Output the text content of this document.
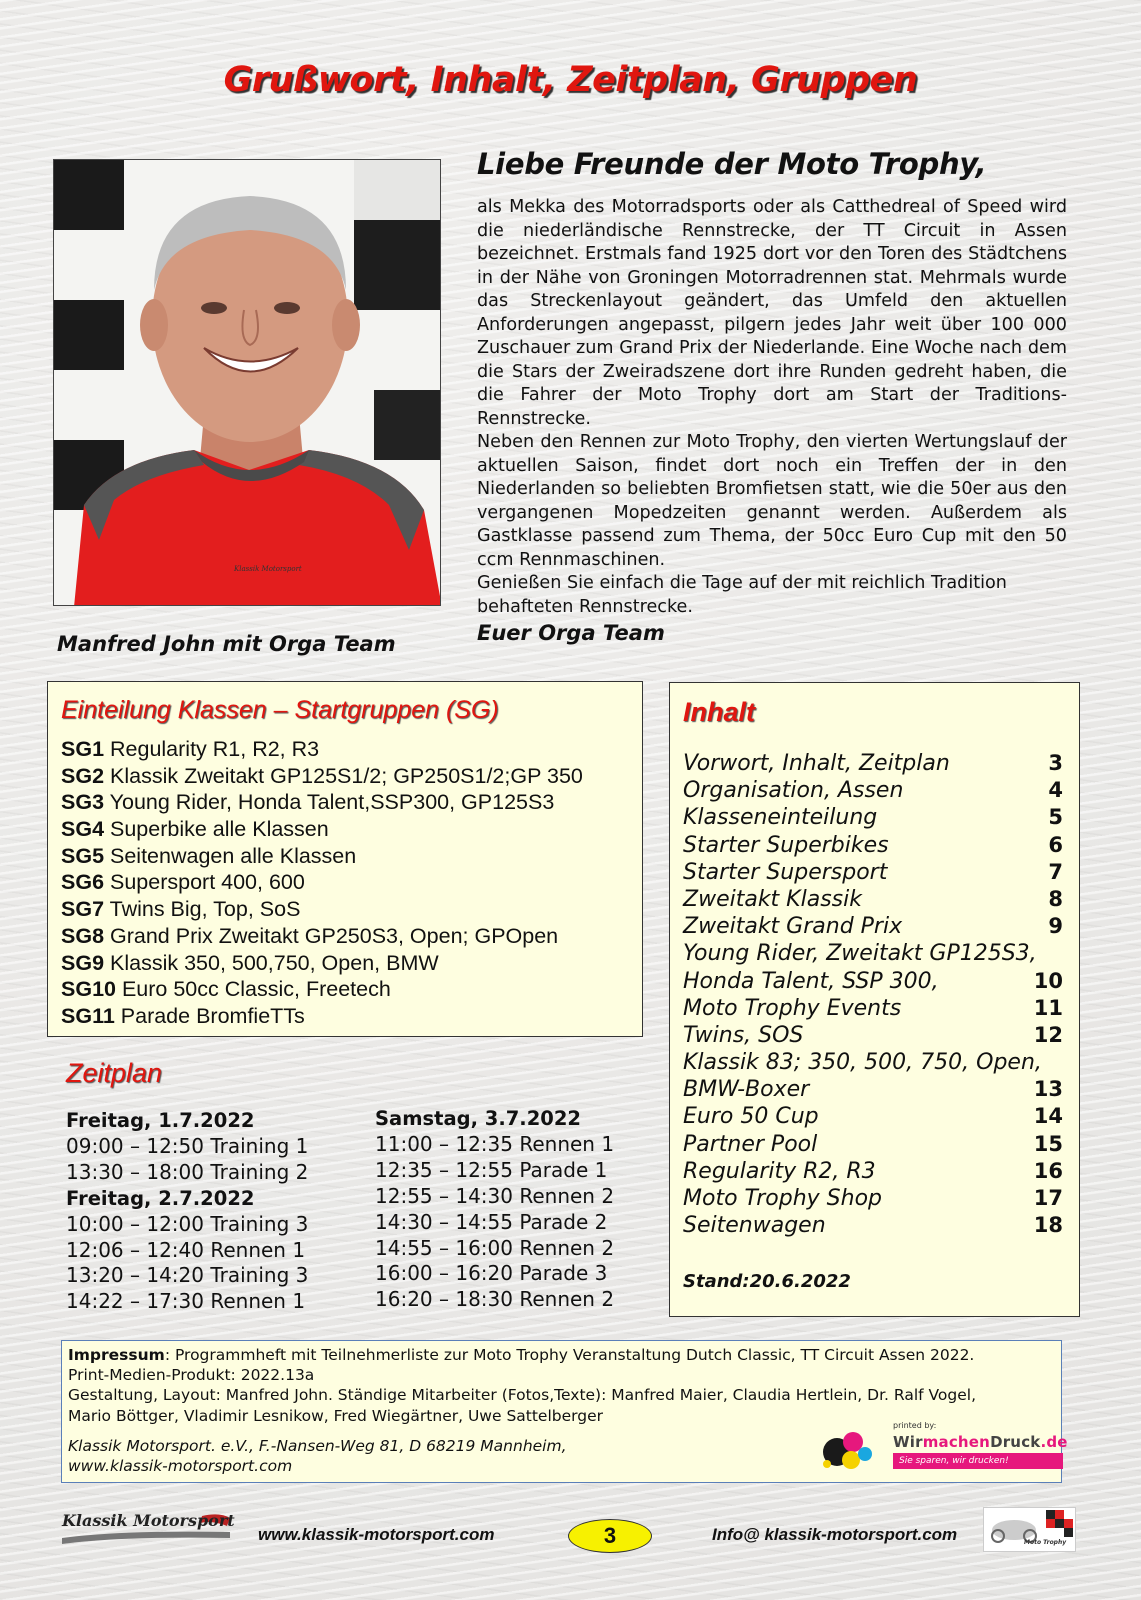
Grußwort, Inhalt, Zeitplan, Gruppen
Klassik Motorsport
Manfred John mit Orga Team
Liebe Freunde der Moto Trophy,

als Mekka des Motorradsports oder als Catthedreal of Speed wird die niederländische Rennstrecke, der TT Circuit in Assen bezeichnet. Erstmals fand 1925 dort vor den Toren des Städtchens in der Nähe von Groningen Motorradrennen stat. Mehrmals wurde das Streckenlayout geändert, das Umfeld den aktuellen Anforderungen angepasst, pilgern jedes Jahr weit über 100 000 Zuschauer zum Grand Prix der Niederlande. Eine Woche nach dem die Stars der Zweiradszene dort ihre Runden gedreht haben, die die Fahrer der Moto Trophy dort am Start der Traditions-Rennstrecke.

Neben den Rennen zur Moto Trophy, den vierten Wertungslauf der aktuellen Saison, findet dort noch ein Treffen der in den Niederlanden so beliebten Bromfietsen statt, wie die 50er aus den vergangenen Mopedzeiten genannt werden. Außerdem als Gastklasse passend zum Thema, der 50cc Euro Cup mit den 50 ccm Rennmaschinen.

Genießen Sie einfach die Tage auf der mit reichlich Tradition behafteten Rennstrecke.

Euer Orga Team
Einteilung Klassen – Startgruppen (SG)
SG1 Regularity R1, R2, R3
SG2 Klassik Zweitakt GP125S1/2; GP250S1/2;GP 350
SG3 Young Rider, Honda Talent,SSP300, GP125S3
SG4 Superbike alle Klassen
SG5 Seitenwagen alle Klassen
SG6 Supersport 400, 600
SG7 Twins Big, Top, SoS
SG8 Grand Prix Zweitakt GP250S3, Open; GPOpen
SG9 Klassik 350, 500,750, Open, BMW
SG10 Euro 50cc Classic, Freetech
SG11 Parade BromfieTTs
Zeitplan
Freitag, 1.7.2022
09:00 – 12:50 Training 1
13:30 – 18:00 Training 2
Freitag, 2.7.2022
10:00 – 12:00 Training 3
12:06 – 12:40 Rennen 1
13:20 – 14:20 Training 3
14:22 – 17:30 Rennen 1
Samstag, 3.7.2022
11:00 – 12:35 Rennen 1
12:35 – 12:55 Parade 1
12:55 – 14:30 Rennen 2
14:30 – 14:55 Parade 2
14:55 – 16:00 Rennen 2
16:00 – 16:20 Parade 3
16:20 – 18:30 Rennen 2
Inhalt
Vorwort, Inhalt, Zeitplan	3
Organisation, Assen	4
Klasseneinteilung	5
Starter Superbikes	6
Starter Supersport	7
Zweitakt Klassik	8
Zweitakt Grand Prix	9
Young Rider, Zweitakt GP125S3,
Honda Talent, SSP 300,	10
Moto Trophy Events	11
Twins, SOS	12
Klassik 83; 350, 500, 750, Open,
BMW-Boxer	13
Euro 50 Cup	14
Partner Pool	15
Regularity R2, R3	16
Moto Trophy Shop	17
Seitenwagen	18
Stand:20.6.2022
Impressum: Programmheft mit Teilnehmerliste zur Moto Trophy Veranstaltung Dutch Classic, TT Circuit Assen 2022.
Print-Medien-Produkt: 2022.13a
Gestaltung, Layout: Manfred John. Ständige Mitarbeiter (Fotos,Texte): Manfred Maier, Claudia Hertlein, Dr. Ralf Vogel,
Mario Böttger, Vladimir Lesnikow, Fred Wiegärtner, Uwe Sattelberger
Klassik Motorsport. e.V., F.-Nansen-Weg 81, D 68219 Mannheim,
www.klassik-motorsport.com
printed by:
WirmachenDruck.de
Sie sparen, wir drucken!
Klassik Motorsport
www.klassik-motorsport.com	3	Info@ klassik-motorsport.com	Moto Trophy
